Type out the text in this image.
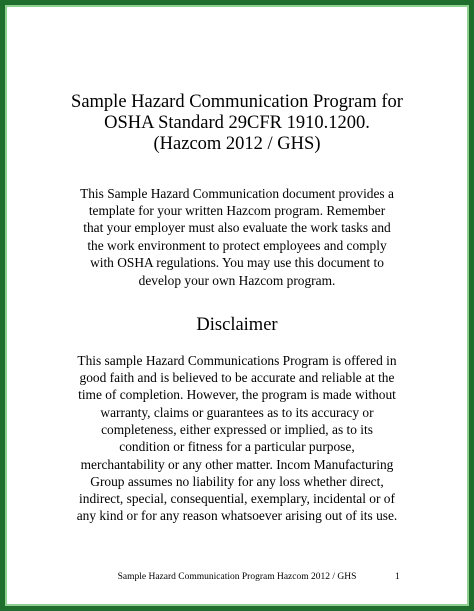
Sample Hazard Communication Program for
OSHA Standard 29CFR 1910.1200.
(Hazcom 2012 / GHS)
This Sample Hazard Communication document provides a
template for your written Hazcom program. Remember
that your employer must also evaluate the work tasks and
the work environment to protect employees and comply
with OSHA regulations. You may use this document to
develop your own Hazcom program.
Disclaimer
This sample Hazard Communications Program is offered in
good faith and is believed to be accurate and reliable at the
time of completion. However, the program is made without
warranty, claims or guarantees as to its accuracy or
completeness, either expressed or implied, as to its
condition or fitness for a particular purpose,
merchantability or any other matter. Incom Manufacturing
Group assumes no liability for any loss whether direct,
indirect, special, consequential, exemplary, incidental or of
any kind or for any reason whatsoever arising out of its use.
Sample Hazard Communication Program Hazcom 2012 / GHS	1
